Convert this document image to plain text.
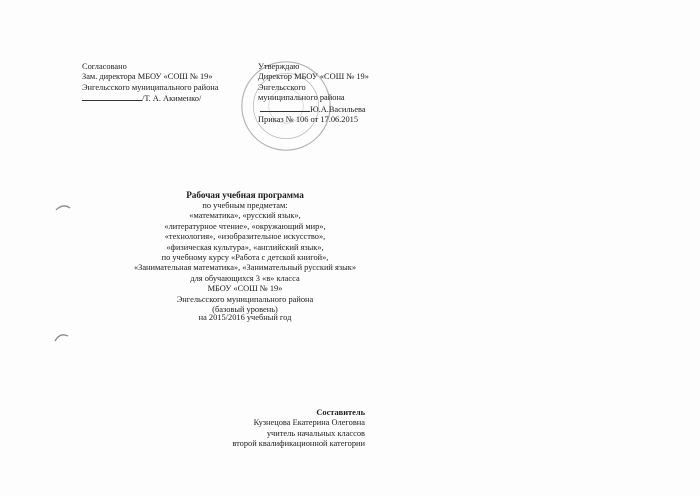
Согласовано
Зам. директора МБОУ «СОШ № 19»
Энгельсского муниципального района
/Т. А. Акименко/
Утверждаю
Директор МБОУ «СОШ № 19»
Энгельсского
муниципального района
Ю.А.Васильева
Приказ № 106 от 17.06.2015
Рабочая учебная программа
по учебным предметам:
«математика», «русский язык»,
«литературное чтение», «окружающий мир»,
«технология», «изобразительное искусство»,
«физическая культура», «английский язык»,
по учебному курсу «Работа с детской книгой»,
«Занимательная математика», «Занимательный русский язык»
для обучающихся 3 «в» класса
МБОУ «СОШ № 19»
Энгельсского муниципального района
(базовый уровень)
на 2015/2016 учебный год
Составитель
Кузнецова Екатерина Олеговна
учитель начальных классов
второй квалификационной категории
